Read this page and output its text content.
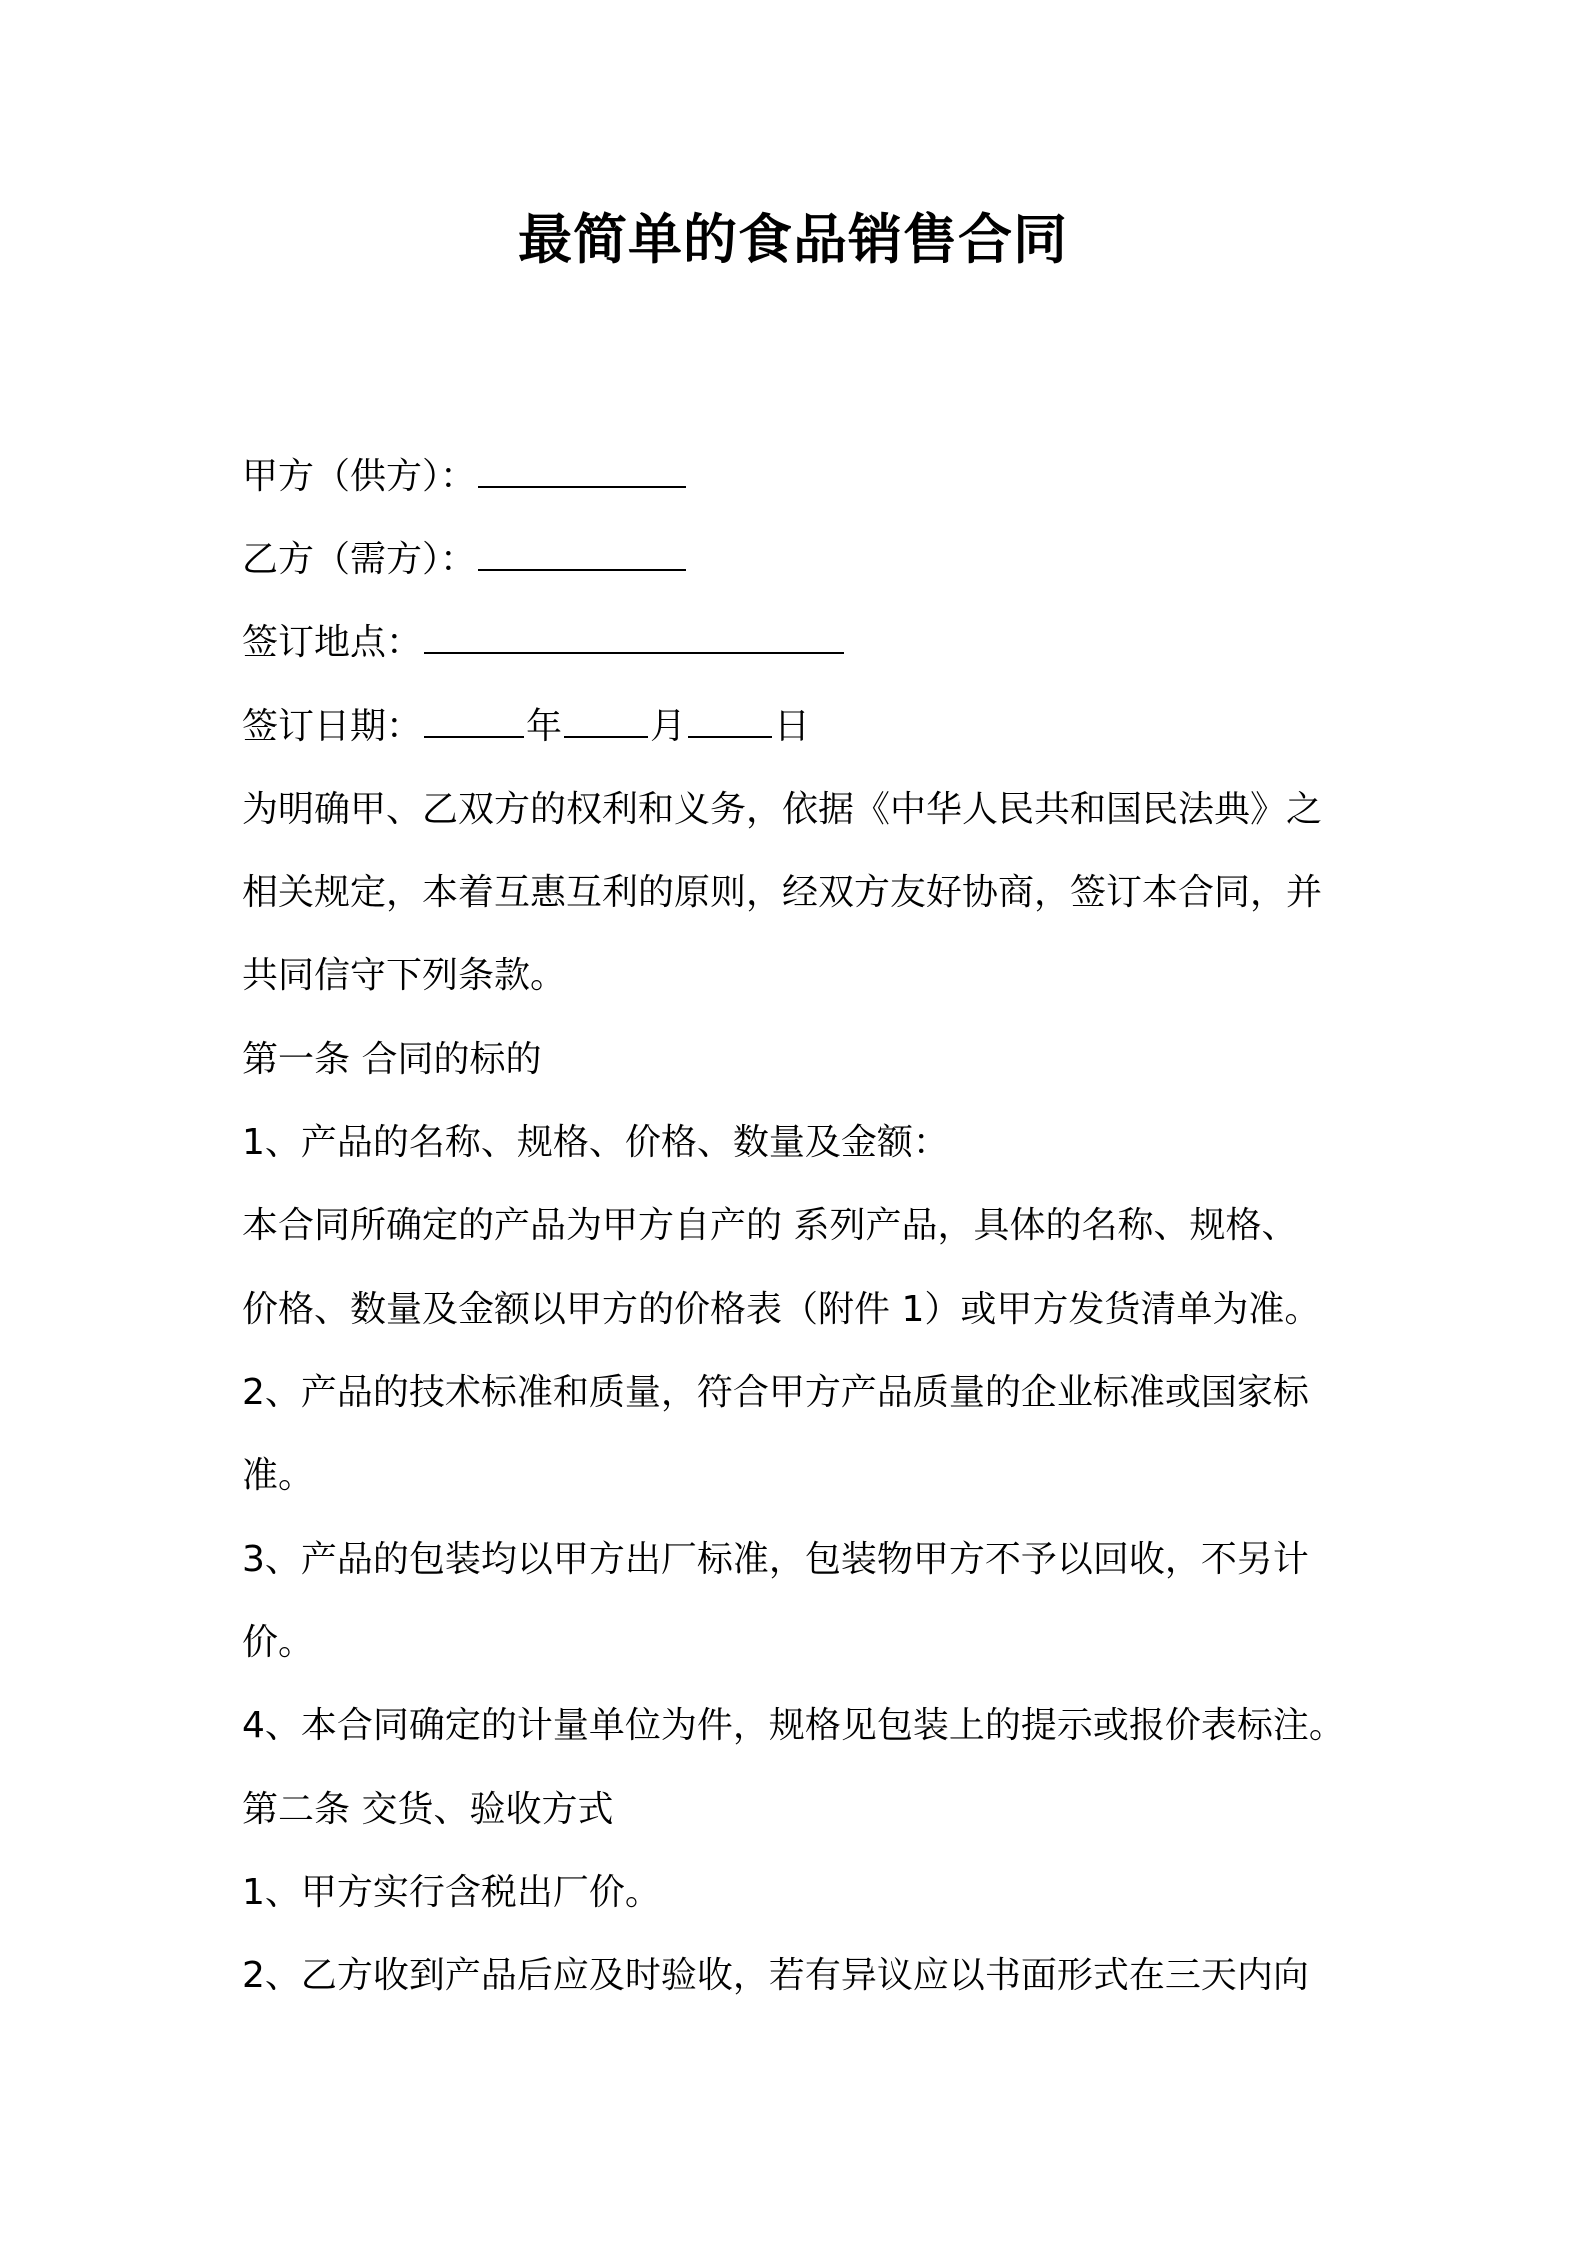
最简单的食品销售合同
甲方（供方）：
乙方（需方）：
签订地点：
签订日期：	年 月 日
为明确甲、乙双方的权利和义务，依据《中华人民共和国民法典》之
相关规定，本着互惠互利的原则，经双方友好协商，签订本合同，并
共同信守下列条款。
第一条 合同的标的
1、产品的名称、规格、价格、数量及金额：
本合同所确定的产品为甲方自产的 系列产品，具体的名称、规格、
价格、数量及金额以甲方的价格表（附件 1）或甲方发货清单为准。
2、产品的技术标准和质量，符合甲方产品质量的企业标准或国家标
准。
3、产品的包装均以甲方出厂标准，包装物甲方不予以回收，不另计
价。
4、本合同确定的计量单位为件，规格见包装上的提示或报价表标注。
第二条 交货、验收方式
1、甲方实行含税出厂价。
2、乙方收到产品后应及时验收，若有异议应以书面形式在三天内向
